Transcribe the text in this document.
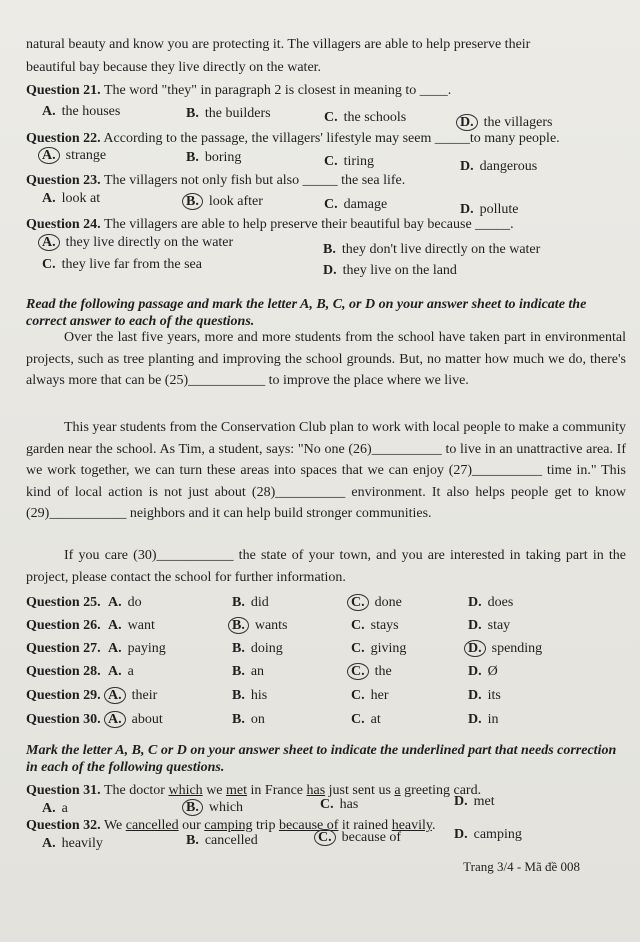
natural beauty and know you are protecting it. The villagers are able to help preserve their
beautiful bay because they live directly on the water.
Question 21. The word "they" in paragraph 2 is closest in meaning to ____.
A. the houses	B. the builders	C. the schools	D. the villagers
Question 22. According to the passage, the villagers' lifestyle may seem _____to many people.
A. strange	B. boring	C. tiring	D. dangerous
Question 23. The villagers not only fish but also _____ the sea life.
A. look at	B. look after	C. damage	D. pollute
Question 24. The villagers are able to help preserve their beautiful bay because _____.
A. they live directly on the water	B. they don't live directly on the water
C. they live far from the sea	D. they live on the land
Read the following passage and mark the letter A, B, C, or D on your answer sheet to indicate the correct answer to each of the questions.
Over the last five years, more and more students from the school have taken part in environmental projects, such as tree planting and improving the school grounds. But, no matter how much we do, there's always more that can be (25)___________ to improve the place where we live.
This year students from the Conservation Club plan to work with local people to make a community garden near the school. As Tim, a student, says: "No one (26)__________ to live in an unattractive area. If we work together, we can turn these areas into spaces that we can enjoy (27)__________ time in." This kind of local action is not just about (28)__________ environment. It also helps people get to know (29)___________ neighbors and it can help build stronger communities.
If you care (30)___________ the state of your town, and you are interested in taking part in the project, please contact the school for further information.
Question 25. A. do	B. did	C. done	D. does
Question 26. A. want	B. wants	C. stays	D. stay
Question 27. A. paying	B. doing	C. giving	D. spending
Question 28. A. a	B. an	C. the	D. Ø
Question 29. A. their	B. his	C. her	D. its
Question 30. A. about	B. on	C. at	D. in
Mark the letter A, B, C or D on your answer sheet to indicate the underlined part that needs correction in each of the following questions.
Question 31. The doctor which we met in France has just sent us a greeting card.
A. a	B. which	C. has	D. met
Question 32. We cancelled our camping trip because of it rained heavily.
A. heavily	B. cancelled	C. because of	D. camping
Trang 3/4 - Mã đề 008
